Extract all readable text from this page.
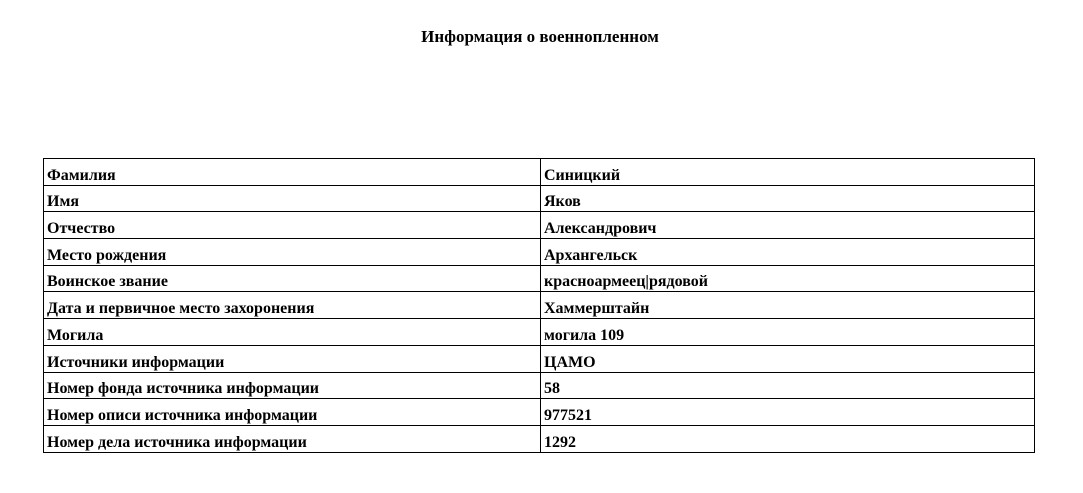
Информация о военнопленном
Фамилия	Синицкий
Имя	Яков
Отчество	Александрович
Место рождения	Архангельск
Воинское звание	красноармеец|рядовой
Дата и первичное место захоронения	Хаммерштайн
Могила	могила 109
Источники информации	ЦАМО
Номер фонда источника информации	58
Номер описи источника информации	977521
Номер дела источника информации	1292
